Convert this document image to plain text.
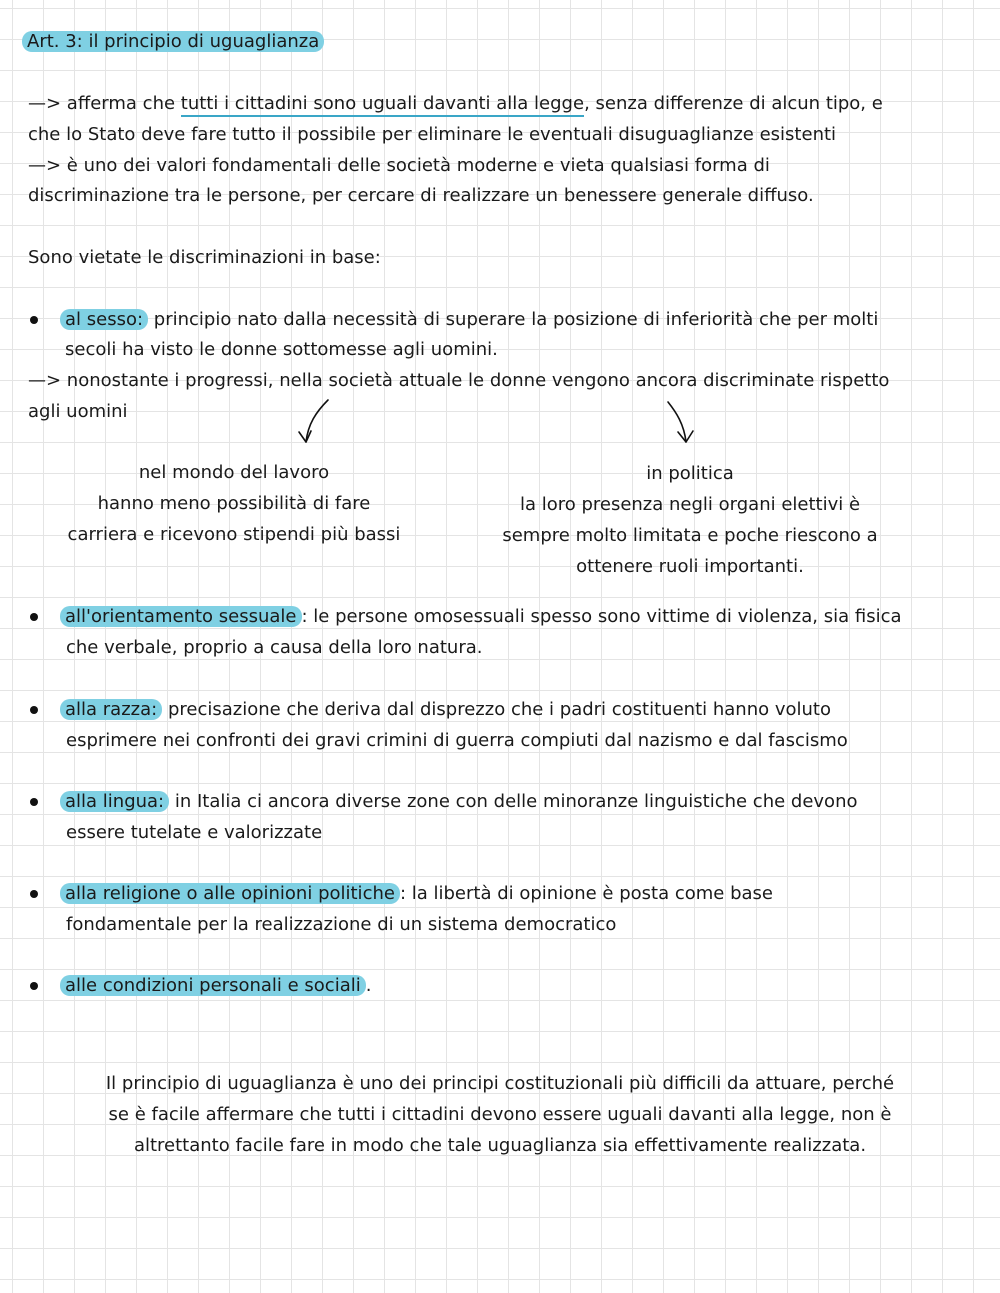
Art. 3: il principio di uguaglianza
—> afferma che tutti i cittadini sono uguali davanti alla legge, senza differenze di alcun tipo, e
che lo Stato deve fare tutto il possibile per eliminare le eventuali disuguaglianze esistenti
—> è uno dei valori fondamentali delle società moderne e vieta qualsiasi forma di
discriminazione tra le persone, per cercare di realizzare un benessere generale diffuso.
Sono vietate le discriminazioni in base:
al sesso: principio nato dalla necessità di superare la posizione di inferiorità che per molti
secoli ha visto le donne sottomesse agli uomini.
—> nonostante i progressi, nella società attuale le donne vengono ancora discriminate rispetto
agli uomini
nel mondo del lavoro
hanno meno possibilità di fare
carriera e ricevono stipendi più bassi
in politica
la loro presenza negli organi elettivi è
sempre molto limitata e poche riescono a
ottenere ruoli importanti.
all'orientamento sessuale : le persone omosessuali spesso sono vittime di violenza, sia fisica
che verbale, proprio a causa della loro natura.
alla razza: precisazione che deriva dal disprezzo che i padri costituenti hanno voluto
esprimere nei confronti dei gravi crimini di guerra compiuti dal nazismo e dal fascismo
alla lingua: in Italia ci ancora diverse zone con delle minoranze linguistiche che devono
essere tutelate e valorizzate
alla religione o alle opinioni politiche : la libertà di opinione è posta come base
fondamentale per la realizzazione di un sistema democratico
alle condizioni personali e sociali .
Il principio di uguaglianza è uno dei principi costituzionali più difficili da attuare, perché
se è facile affermare che tutti i cittadini devono essere uguali davanti alla legge, non è
altrettanto facile fare in modo che tale uguaglianza sia effettivamente realizzata.
